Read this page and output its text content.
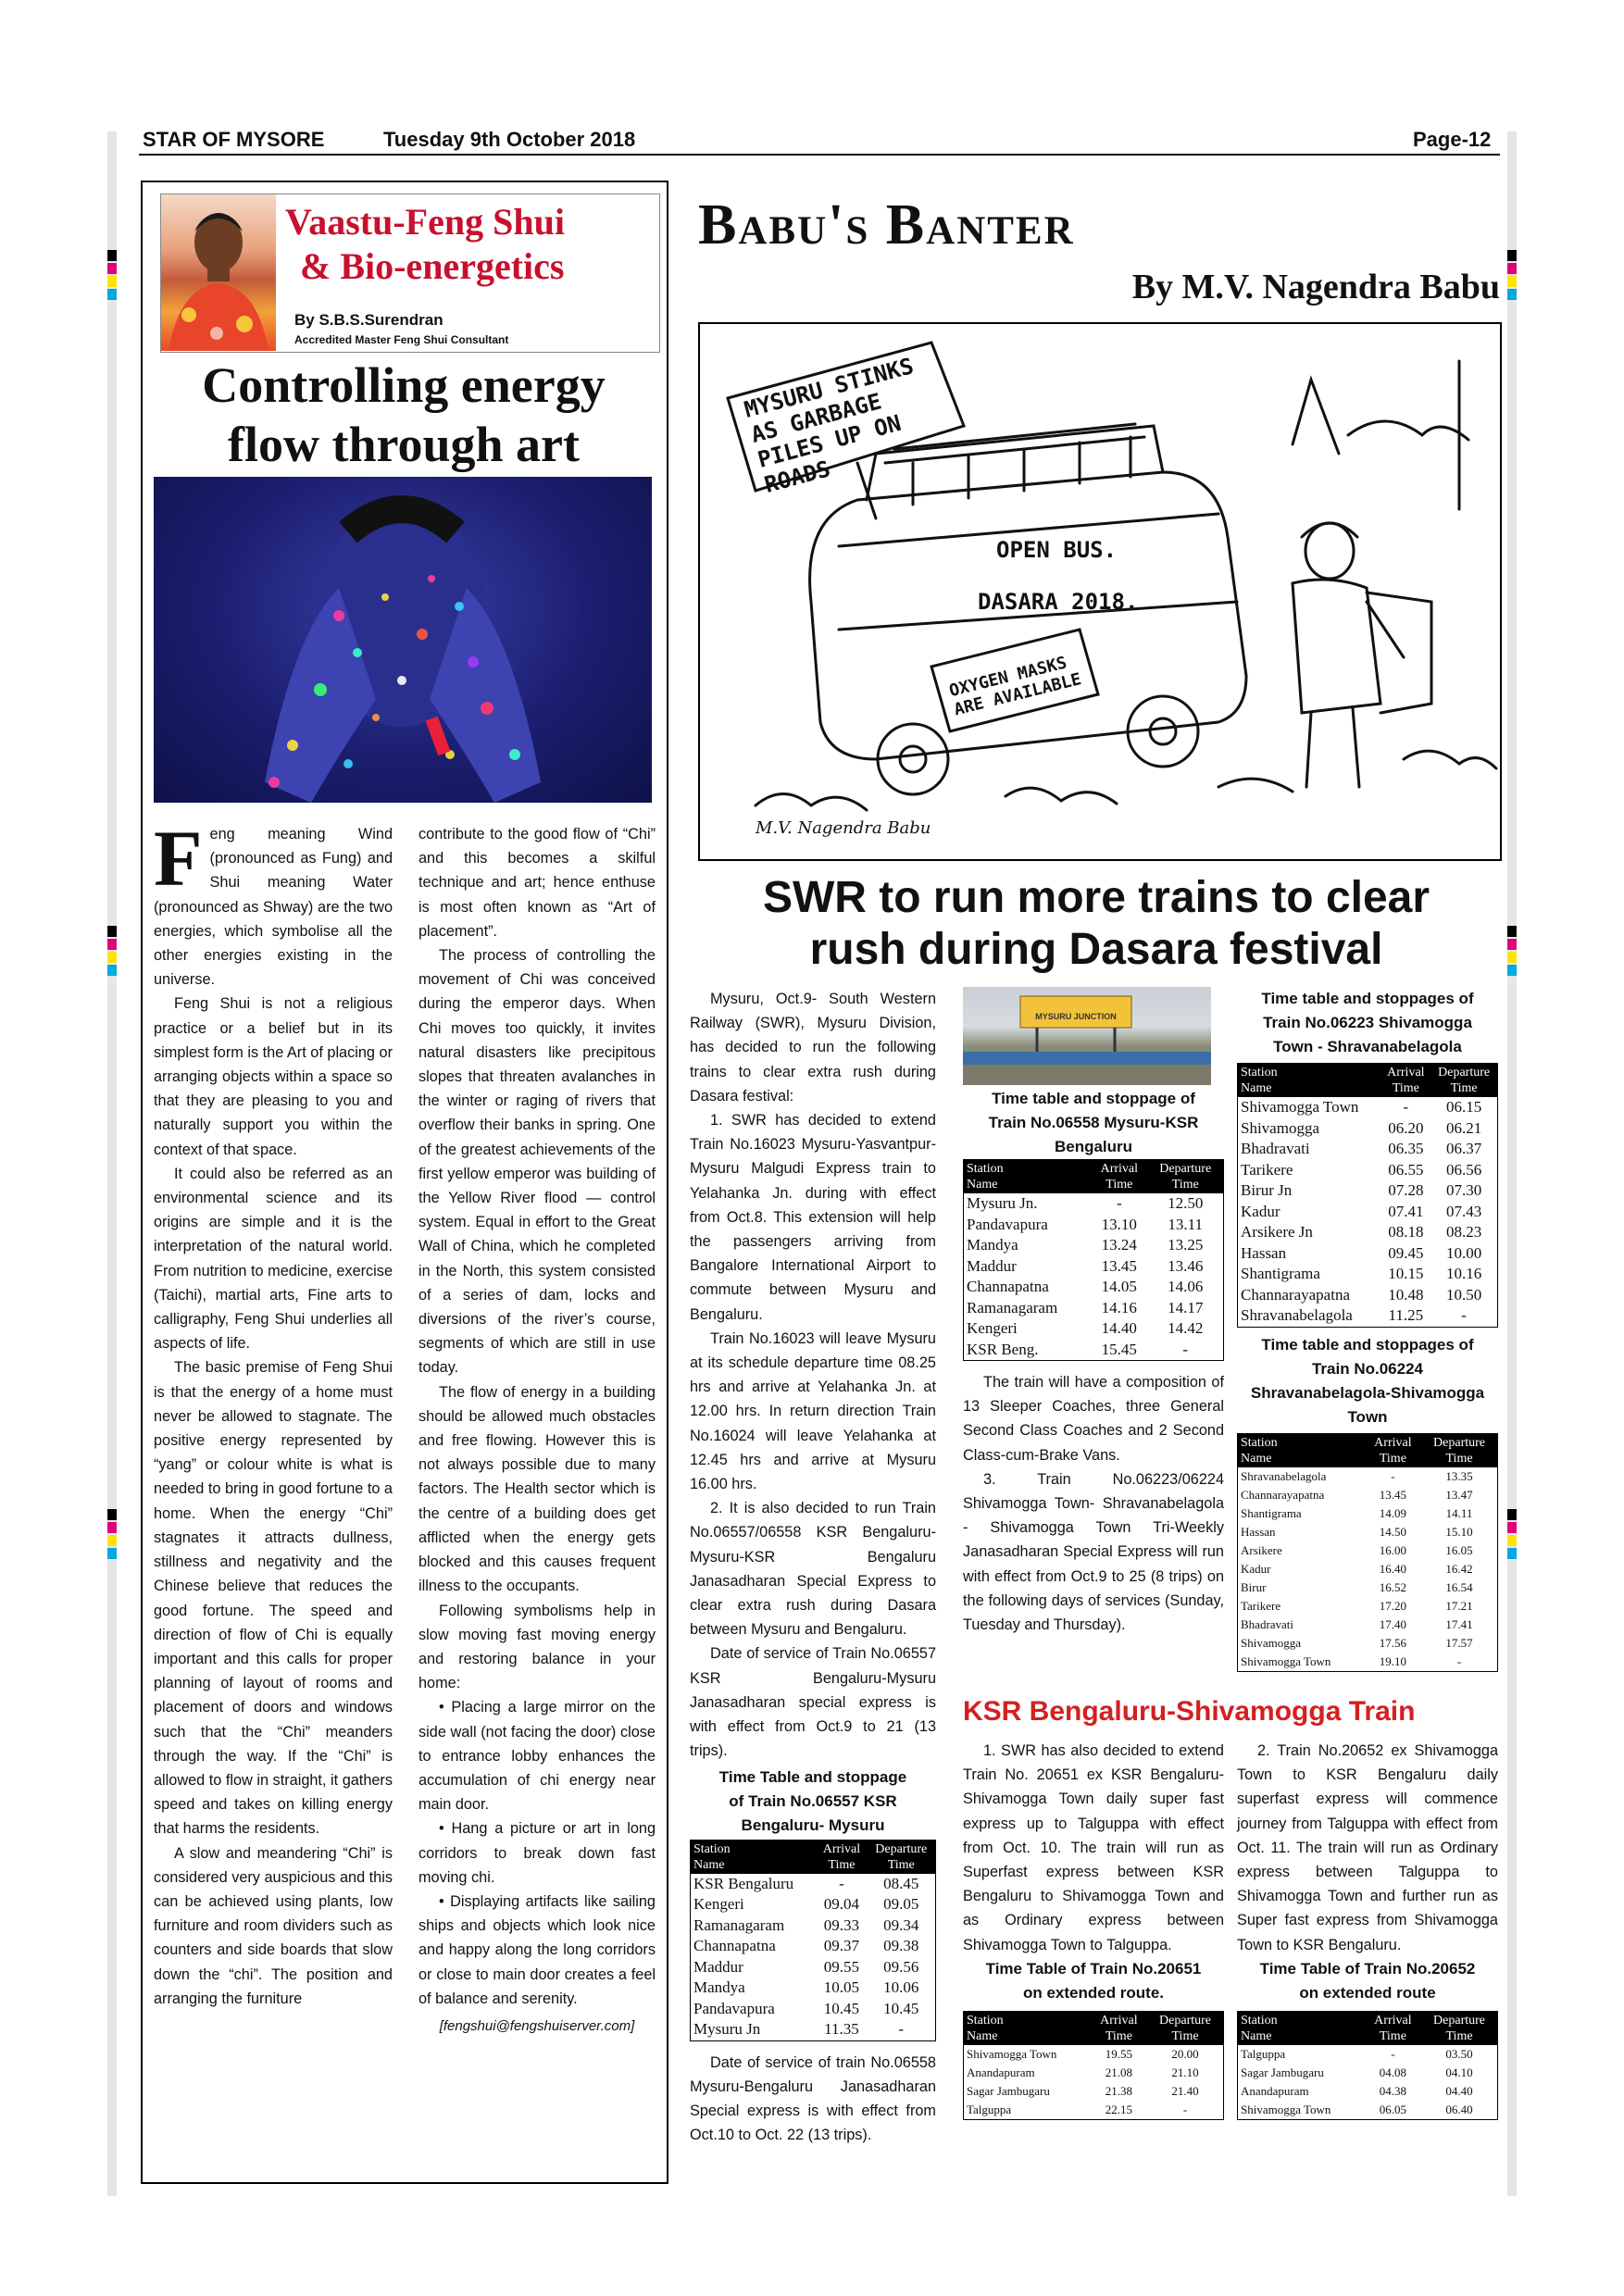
STAR OF MYSORE	Tuesday 9th October 2018	Page-12
Vaastu-Feng Shui
& Bio-energetics
By S.B.S.Surendran
Accredited Master Feng Shui Consultant
Controlling energy
flow through art
F eng meaning Wind (pronounced as Fung) and Shui meaning Water (pronounced as Shway) are the two energies, which symbolise all the other energies existing in the universe.

Feng Shui is not a religious practice or a belief but in its simplest form is the Art of placing or arranging objects within a space so that they are pleasing to you and naturally support you within the context of that space.

It could also be referred as an environmental science and its origins are simple and it is the interpretation of the natural world. From nutrition to medicine, exercise (Taichi), martial arts, Fine arts to calligraphy, Feng Shui underlies all aspects of life.

The basic premise of Feng Shui is that the energy of a home must never be allowed to stagnate. The positive energy represented by “yang” or colour white is what is needed to bring in good fortune to a home. When the energy “Chi” stagnates it attracts dullness, stillness and negativity and the Chinese believe that reduces the good fortune. The speed and direction of flow of Chi is equally important and this calls for proper planning of layout of rooms and placement of doors and windows such that the “Chi” meanders through the way. If the “Chi” is allowed to flow in straight, it gathers speed and takes on killing energy that harms the residents.

A slow and meandering “Chi” is considered very auspicious and this can be achieved using plants, low furniture and room dividers such as counters and side boards that slow down the “chi”. The position and arranging the furniture

contribute to the good flow of “Chi” and this becomes a skilful technique and art; hence enthuse is most often known as “Art of placement”.

The process of controlling the movement of Chi was conceived during the emperor days. When Chi moves too quickly, it invites natural disasters like precipitous slopes that threaten avalanches in the winter or raging of rivers that overflow their banks in spring. One of the greatest achievements of the first yellow emperor was building of the Yellow River flood — control system. Equal in effort to the Great Wall of China, which he completed in the North, this system consisted of a series of dam, locks and diversions of the river’s course, segments of which are still in use today.

The flow of energy in a building should be allowed much obstacles and free flowing. However this is not always possible due to many factors. The Health sector which is the centre of a building does get afflicted when the energy gets blocked and this causes frequent illness to the occupants.

Following symbolisms help in slow moving fast moving energy and restoring balance in your home:

• Placing a large mirror on the side wall (not facing the door) close to entrance lobby enhances the accumulation of chi energy near main door.

• Hang a picture or art in long corridors to break down fast moving chi.

• Displaying artifacts like sailing ships and objects which look nice and happy along the long corridors or close to main door creates a feel of balance and serenity.

[fengshui@fengshuiserver.com]
Babu's Banter
By M.V. Nagendra Babu
MYSURU STINKS AS GARBAGE PILES UP ON ROADS
OPEN BUS.
DASARA 2018.
OXYGEN MASKS ARE AVAILABLE
M.V. Nagendra Babu
SWR to run more trains to clear
rush during Dasara festival

Mysuru, Oct.9- South Western Railway (SWR), Mysuru Division, has decided to run the following trains to clear extra rush during Dasara festival:

1. SWR has decided to extend Train No.16023 Mysuru-Yasvantpur-Mysuru Malgudi Express train to Yelahanka Jn. during with effect from Oct.8. This extension will help the passengers arriving from Bangalore International Airport to commute between Mysuru and Bengaluru.

Train No.16023 will leave Mysuru at its schedule departure time 08.25 hrs and arrive at Yelahanka Jn. at 12.00 hrs. In return direction Train No.16024 will leave Yelahanka at 12.45 hrs and arrive at Mysuru 16.00 hrs.

2. It is also decided to run Train No.06557/06558 KSR Bengaluru-Mysuru-KSR Bengaluru Janasadharan Special Express to clear extra rush during Dasara between Mysuru and Bengaluru.

Date of service of Train No.06557 KSR Bengaluru-Mysuru Janasadharan special express is with effect from Oct.9 to 21 (13 trips).

Time Table and stoppage of Train No.06557 KSR Bengaluru- Mysuru
Station
Name	Arrival
Time	Departure
Time
KSR Bengaluru	-	08.45
Kengeri	09.04	09.05
Ramanagaram	09.33	09.34
Channapatna	09.37	09.38
Maddur	09.55	09.56
Mandya	10.05	10.06
Pandavapura	10.45	10.45
Mysuru Jn	11.35	-

Date of service of train No.06558 Mysuru-Bengaluru Janasadharan Special express is with effect from Oct.10 to Oct. 22 (13 trips).

MYSURU JUNCTION
Time table and stoppage of Train No.06558 Mysuru-KSR Bengaluru
Station
Name	Arrival
Time	Departure
Time
Mysuru Jn.	-	12.50
Pandavapura	13.10	13.11
Mandya	13.24	13.25
Maddur	13.45	13.46
Channapatna	14.05	14.06
Ramanagaram	14.16	14.17
Kengeri	14.40	14.42
KSR Beng.	15.45	-

The train will have a composition of 13 Sleeper Coaches, three General Second Class Coaches and 2 Second Class-cum-Brake Vans.

3. Train No.06223/06224 Shivamogga Town- Shravanabelagola - Shivamogga Town Tri-Weekly Janasadharan Special Express will run with effect from Oct.9 to 25 (8 trips) on the following days of services (Sunday, Tuesday and Thursday).

Time table and stoppages of Train No.06223 Shivamogga Town - Shravanabelagola
Station
Name	Arrival
Time	Departure
Time
Shivamogga Town	-	06.15
Shivamogga	06.20	06.21
Bhadravati	06.35	06.37
Tarikere	06.55	06.56
Birur Jn	07.28	07.30
Kadur	07.41	07.43
Arsikere Jn	08.18	08.23
Hassan	09.45	10.00
Shantigrama	10.15	10.16
Channarayapatna	10.48	10.50
Shravanabelagola	11.25	-
Time table and stoppages of Train No.06224 Shravanabelagola-Shivamogga Town
Station
Name	Arrival
Time	Departure
Time
Shravanabelagola	-	13.35
Channarayapatna	13.45	13.47
Shantigrama	14.09	14.11
Hassan	14.50	15.10
Arsikere	16.00	16.05
Kadur	16.40	16.42
Birur	16.52	16.54
Tarikere	17.20	17.21
Bhadravati	17.40	17.41
Shivamogga	17.56	17.57
Shivamogga Town	19.10	-
KSR Bengaluru-Shivamogga Train

1. SWR has also decided to extend Train No. 20651 ex KSR Bengaluru-Shivamogga Town daily super fast express up to Talguppa with effect from Oct. 10. The train will run as Superfast express between KSR Bengaluru to Shivamogga Town and as Ordinary express between Shivamogga Town to Talguppa.

Time Table of Train No.20651 on extended route.
Station
Name	Arrival
Time	Departure
Time
Shivamogga Town	19.55	20.00
Anandapuram	21.08	21.10
Sagar Jambugaru	21.38	21.40
Talguppa	22.15	-

2. Train No.20652 ex Shivamogga Town to KSR Bengaluru daily superfast express will commence journey from Talguppa with effect from Oct. 11. The train will run as Ordinary express between Talguppa to Shivamogga Town and further run as Super fast express from Shivamogga Town to KSR Bengaluru.

Time Table of Train No.20652 on extended route
Station
Name	Arrival
Time	Departure
Time
Talguppa	-	03.50
Sagar Jambugaru	04.08	04.10
Anandapuram	04.38	04.40
Shivamogga Town	06.05	06.40
